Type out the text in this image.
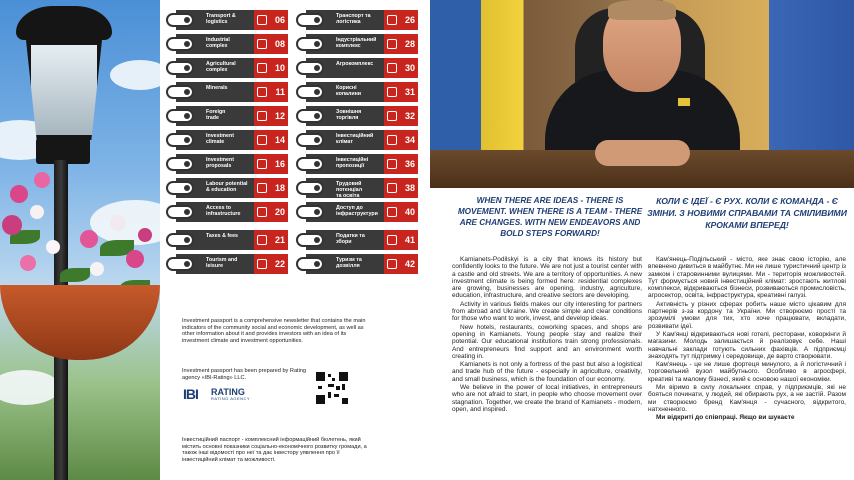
Transport &
logistics	06
Industrial
complex	08
Agricultural
complex	10
Minerals	11
Foreign
trade	12
Investment
climate	14
Investment
proposals	16
Labour potential
& education	18
Access to
infrastructure	20
Taxes & fees	21
Tourism and
leisure	22
Транспорт та
логістика	26
Індустріальний
комплекс	28
Агрокомплекс	30
Корисні
копалини	31
Зовнішня
торгівля	32
Інвестиційний
клімат	34
Інвестиційні
пропозиції	36
Трудовий
потенціал
та освіта
38
Доступ до
інфраструктури	40
Податки та
збори	41
Туризм та
дозвілля	42
Investment passport is a comprehensive newsletter that contains the main indicators of the community social and economic development, as well as other information about it and provides investors with an idea of its investment climate and investment opportunities.
Investment passport has been prepared by Rating agency «IBI-Rating» LLC.
IBI RATING
RATING AGENCY
Інвестиційний паспорт - комплексний інформаційний бюлетень, який містить основні показники соціально-економічного розвитку громади, а також інші відомості про неї та дає інвестору уявлення про її інвестиційний клімат та можливості.
WHEN THERE ARE IDEAS - THERE IS MOVEMENT. WHEN THERE IS A TEAM - THERE ARE CHANGES. WITH NEW ENDEAVORS AND BOLD STEPS FORWARD!
КОЛИ Є ІДЕЇ - Є РУХ. КОЛИ Є КОМАНДА - Є ЗМІНИ. З НОВИМИ СПРАВАМИ ТА СМІЛИВИМИ КРОКАМИ ВПЕРЕД!

Kamianets-Podilskyi is a city that knows its history but confidently looks to the future. We are not just a tourist center with a castle and old streets. We are a territory of opportunities. A new investment climate is being formed here: residential complexes are growing, businesses are opening, industry, agriculture, education, infrastructure, and creative sectors are developing.

Activity in various fields makes our city interesting for partners from abroad and Ukraine. We create simple and clear conditions for those who want to work, invest, and develop ideas.

New hotels, restaurants, coworking spaces, and shops are opening in Kamianets. Young people stay and realize their potential. Our educational institutions train strong professionals. And entrepreneurs find support and an environment worth creating in.

Kamianets is not only a fortress of the past but also a logistical and trade hub of the future - especially in agriculture, creativity, and small business, which is the foundation of our economy.

We believe in the power of local initiatives, in entrepreneurs who are not afraid to start, in people who choose movement over stagnation. Together, we create the brand of Kamianets - modern, open, and inspired.

Кам'янець-Подільський - місто, яке знає свою історію, але впевнено дивиться в майбутнє. Ми не лише туристичний центр із замком і старовинними вулицями. Ми - територія можливостей. Тут формується новий інвестиційний клімат: зростають житлові комплекси, відкриваються бізнеси, розвиваються промисловість, агросектор, освіта, інфраструктура, креативні галузі.

Активність у різних сферах робить наше місто цікавим для партнерів з-за кордону та України. Ми створюємо прості та зрозумілі умови для тих, хто хоче працювати, вкладати, розвивати ідеї.

У Кам'янці відкриваються нові готелі, ресторани, коворкінги й магазини. Молодь залишається й реалізовує себе. Наші навчальні заклади готують сильних фахівців. А підприємці знаходять тут підтримку і середовище, де варто створювати.

Кам'янець - це не лише фортеця минулого, а й логістичний і торговельний вузол майбутнього. Особливо в агросфері, креативі та малому бізнесі, який є основою нашої економіки.

Ми віримо в силу локальних справ, у підприємців, які не бояться починати, у людей, які обирають рух, а не застій. Разом ми створюємо бренд Кам'янця - сучасного, відкритого, натхненного.

Ми відкриті до співпраці. Якщо ви шукаєте
